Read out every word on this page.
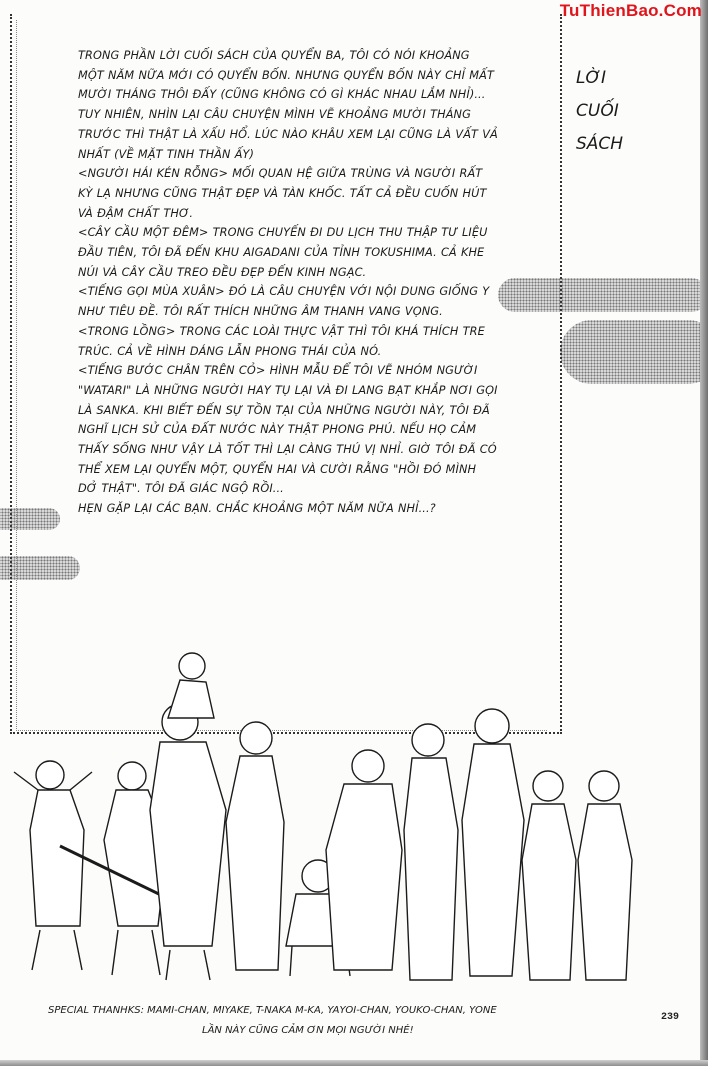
TRONG PHẦN LỜI CUỐI SÁCH CỦA QUYỂN BA, TÔI CÓ NÓI KHOẢNG MỘT NĂM NỮA MỚI CÓ QUYỂN BỐN. NHƯNG QUYỂN BỐN NÀY CHỈ MẤT MƯỜI THÁNG THÔI ĐẤY (CŨNG KHÔNG CÓ GÌ KHÁC NHAU LẮM NHỈ)... TUY NHIÊN, NHÌN LẠI CÂU CHUYỆN MÌNH VẼ KHOẢNG MƯỜI THÁNG TRƯỚC THÌ THẬT LÀ XẤU HỔ. LÚC NÀO KHÂU XEM LẠI CŨNG LÀ VẤT VẢ NHẤT (VỀ MẶT TINH THẦN ẤY)

<NGƯỜI HÁI KÉN RỖNG> MỐI QUAN HỆ GIỮA TRÙNG VÀ NGƯỜI RẤT KỲ LẠ NHƯNG CŨNG THẬT ĐẸP VÀ TÀN KHỐC. TẤT CẢ ĐỀU CUỐN HÚT VÀ ĐẬM CHẤT THƠ.

<CÂY CẦU MỘT ĐÊM> TRONG CHUYẾN ĐI DU LỊCH THU THẬP TƯ LIỆU ĐẦU TIÊN, TÔI ĐÃ ĐẾN KHU AIGADANI CỦA TỈNH TOKUSHIMA. CẢ KHE NÚI VÀ CÂY CẦU TREO ĐỀU ĐẸP ĐẾN KINH NGẠC.

<TIẾNG GỌI MÙA XUÂN> ĐÓ LÀ CÂU CHUYỆN VỚI NỘI DUNG GIỐNG Y NHƯ TIÊU ĐỀ. TÔI RẤT THÍCH NHỮNG ÂM THANH VANG VỌNG.

<TRONG LỒNG> TRONG CÁC LOÀI THỰC VẬT THÌ TÔI KHÁ THÍCH TRE TRÚC. CẢ VỀ HÌNH DÁNG LẪN PHONG THÁI CỦA NÓ.

<TIẾNG BƯỚC CHÂN TRÊN CỎ> HÌNH MẪU ĐỂ TÔI VẼ NHÓM NGƯỜI "WATARI" LÀ NHỮNG NGƯỜI HAY TỤ LẠI VÀ ĐI LANG BẠT KHẮP NƠI GỌI LÀ SANKA. KHI BIẾT ĐẾN SỰ TỒN TẠI CỦA NHỮNG NGƯỜI NÀY, TÔI ĐÃ NGHĨ LỊCH SỬ CỦA ĐẤT NƯỚC NÀY THẬT PHONG PHÚ. NẾU HỌ CẢM THẤY SỐNG NHƯ VẬY LÀ TỐT THÌ LẠI CÀNG THÚ VỊ NHỈ. GIỜ TÔI ĐÃ CÓ THỂ XEM LẠI QUYỂN MỘT, QUYỂN HAI VÀ CƯỜI RẰNG "HỒI ĐÓ MÌNH DỞ THẬT". TÔI ĐÃ GIÁC NGỘ RỒI...

HẸN GẶP LẠI CÁC BẠN. CHẮC KHOẢNG MỘT NĂM NỮA NHỈ...?

LỜI
CUỐI
SÁCH
SPECIAL THANHKS: MAMI-CHAN, MIYAKE, T-NAKA M-KA, YAYOI-CHAN, YOUKO-CHAN, YONE
LẦN NÀY CŨNG CẢM ƠN MỌI NGƯỜI NHÉ!
239
TuThienBao.Com
